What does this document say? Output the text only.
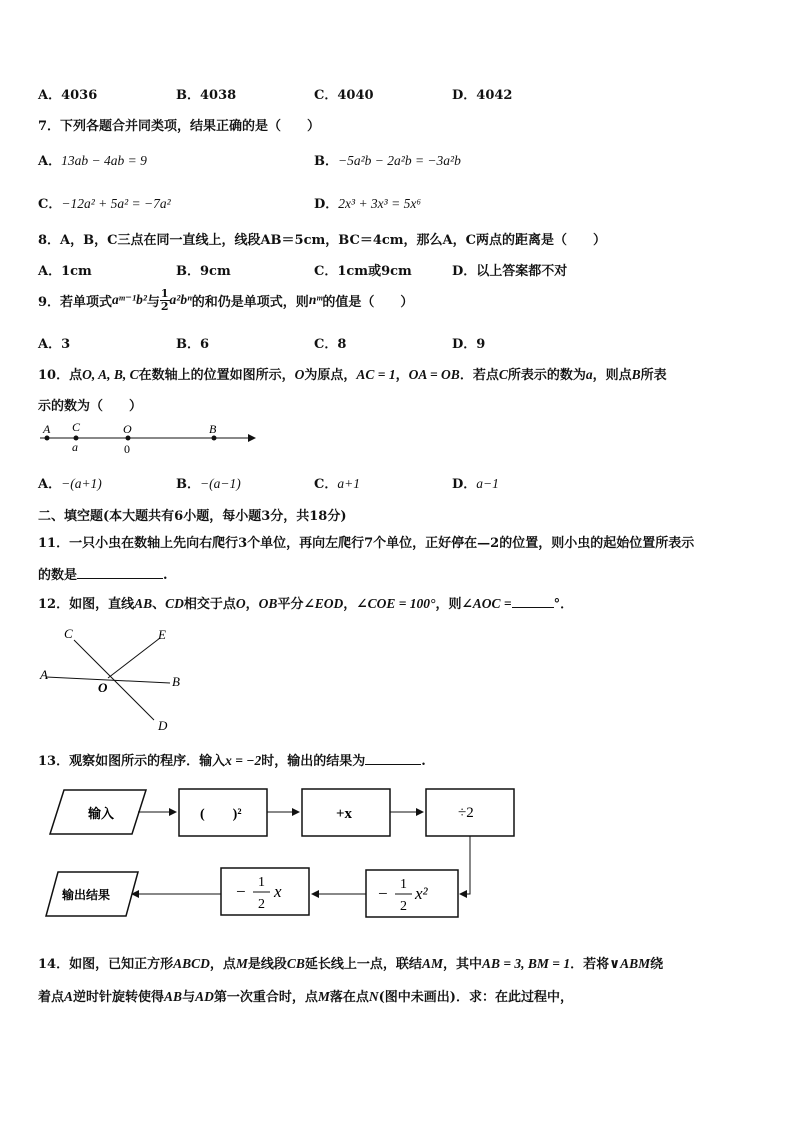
A．4036	B．4038	C．4040	D．4042
7．下列各题合并同类项，结果正确的是（　　）
A．13ab − 4ab = 9	B．−5a²b − 2a²b = −3a²b
C．−12a² + 5a² = −7a²	D．2x³ + 3x³ = 5x⁶
8．A，B，C三点在同一直线上，线段AB＝5cm，BC＝4cm，那么A，C两点的距离是（　　）
A．1cm	B．9cm	C．1cm或9cm	D．以上答案都不对
9．若单项式 aᵐ⁻¹b² 与 $\frac{1}{2} a^2b^n$ 的和仍是单项式，则 nᵐ 的值是（　　）
A．3	B．6	C．8	D．9
10．点O, A, B, C在数轴上的位置如图所示，O为原点，AC = 1，OA = OB．若点C所表示的数为a，则点B所表
示的数为（　　）
A C	O	B
a	0
A．−(a+1)	B．−(a−1)	C．a+1	D．a−1
二、填空题(本大题共有6小题，每小题3分，共18分)
11．一只小虫在数轴上先向右爬行3个单位，再向左爬行7个单位，正好停在—2的位置，则小虫的起始位置所表示
的数是	.
12．如图，直线AB、CD相交于点O，OB平分∠EOD，∠COE = 100°，则∠AOC =	°．
C	E
A
O	B
D
13．观察如图所示的程序．输入x = −2时，输出的结果为	.
输入	(　　)²	+x	÷2
− 1
2
x²
− 1
2
x
输出结果
14．如图，已知正方形ABCD，点M是线段CB延长线上一点，联结AM，其中AB = 3, BM = 1．若将∨ABM绕
着点A逆时针旋转使得AB与AD第一次重合时，点M落在点N(图中未画出)．求：在此过程中，
